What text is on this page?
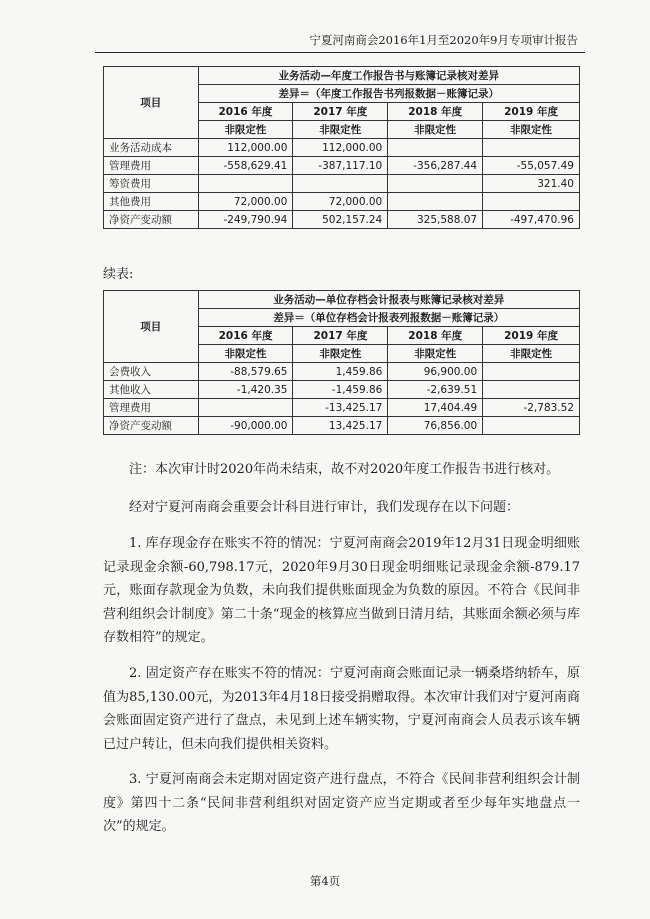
宁夏河南商会2016年1月至2020年9月专项审计报告
项目	业务活动—年度工作报告书与账簿记录核对差异			
	差异＝（年度工作报告书列报数据－账簿记录）			
	2016 年度	2017 年度	2018 年度	2019 年度
	非限定性	非限定性	非限定性	非限定性
业务活动成本	112,000.00	112,000.00		
管理费用	-558,629.41	-387,117.10	-356,287.44	-55,057.49
筹资费用				321.40
其他费用	72,000.00	72,000.00		
净资产变动额	-249,790.94	502,157.24	325,588.07	-497,470.96
续表:
项目	业务活动—单位存档会计报表与账簿记录核对差异			
	差异＝（单位存档会计报表列报数据－账簿记录）			
	2016 年度	2017 年度	2018 年度	2019 年度
	非限定性	非限定性	非限定性	非限定性
会费收入	-88,579.65	1,459.86	96,900.00	
其他收入	-1,420.35	-1,459.86	-2,639.51	
管理费用		-13,425.17	17,404.49	-2,783.52
净资产变动额	-90,000.00	13,425.17	76,856.00	
注：本次审计时2020年尚未结束，故不对2020年度工作报告书进行核对。
经对宁夏河南商会重要会计科目进行审计，我们发现存在以下问题：
1. 库存现金存在账实不符的情况：宁夏河南商会2019年12月31日现金明细账记录现金余额-60,798.17元，2020年9月30日现金明细账记录现金余额-879.17元，账面存款现金为负数，未向我们提供账面现金为负数的原因。不符合《民间非营利组织会计制度》第二十条“现金的核算应当做到日清月结，其账面余额必须与库存数相符”的规定。
2. 固定资产存在账实不符的情况：宁夏河南商会账面记录一辆桑塔纳轿车，原值为85,130.00元，为2013年4月18日接受捐赠取得。本次审计我们对宁夏河南商会账面固定资产进行了盘点，未见到上述车辆实物，宁夏河南商会人员表示该车辆已过户转让，但未向我们提供相关资料。
3. 宁夏河南商会未定期对固定资产进行盘点，不符合《民间非营利组织会计制度》第四十二条“民间非营利组织对固定资产应当定期或者至少每年实地盘点一次”的规定。
第4页
